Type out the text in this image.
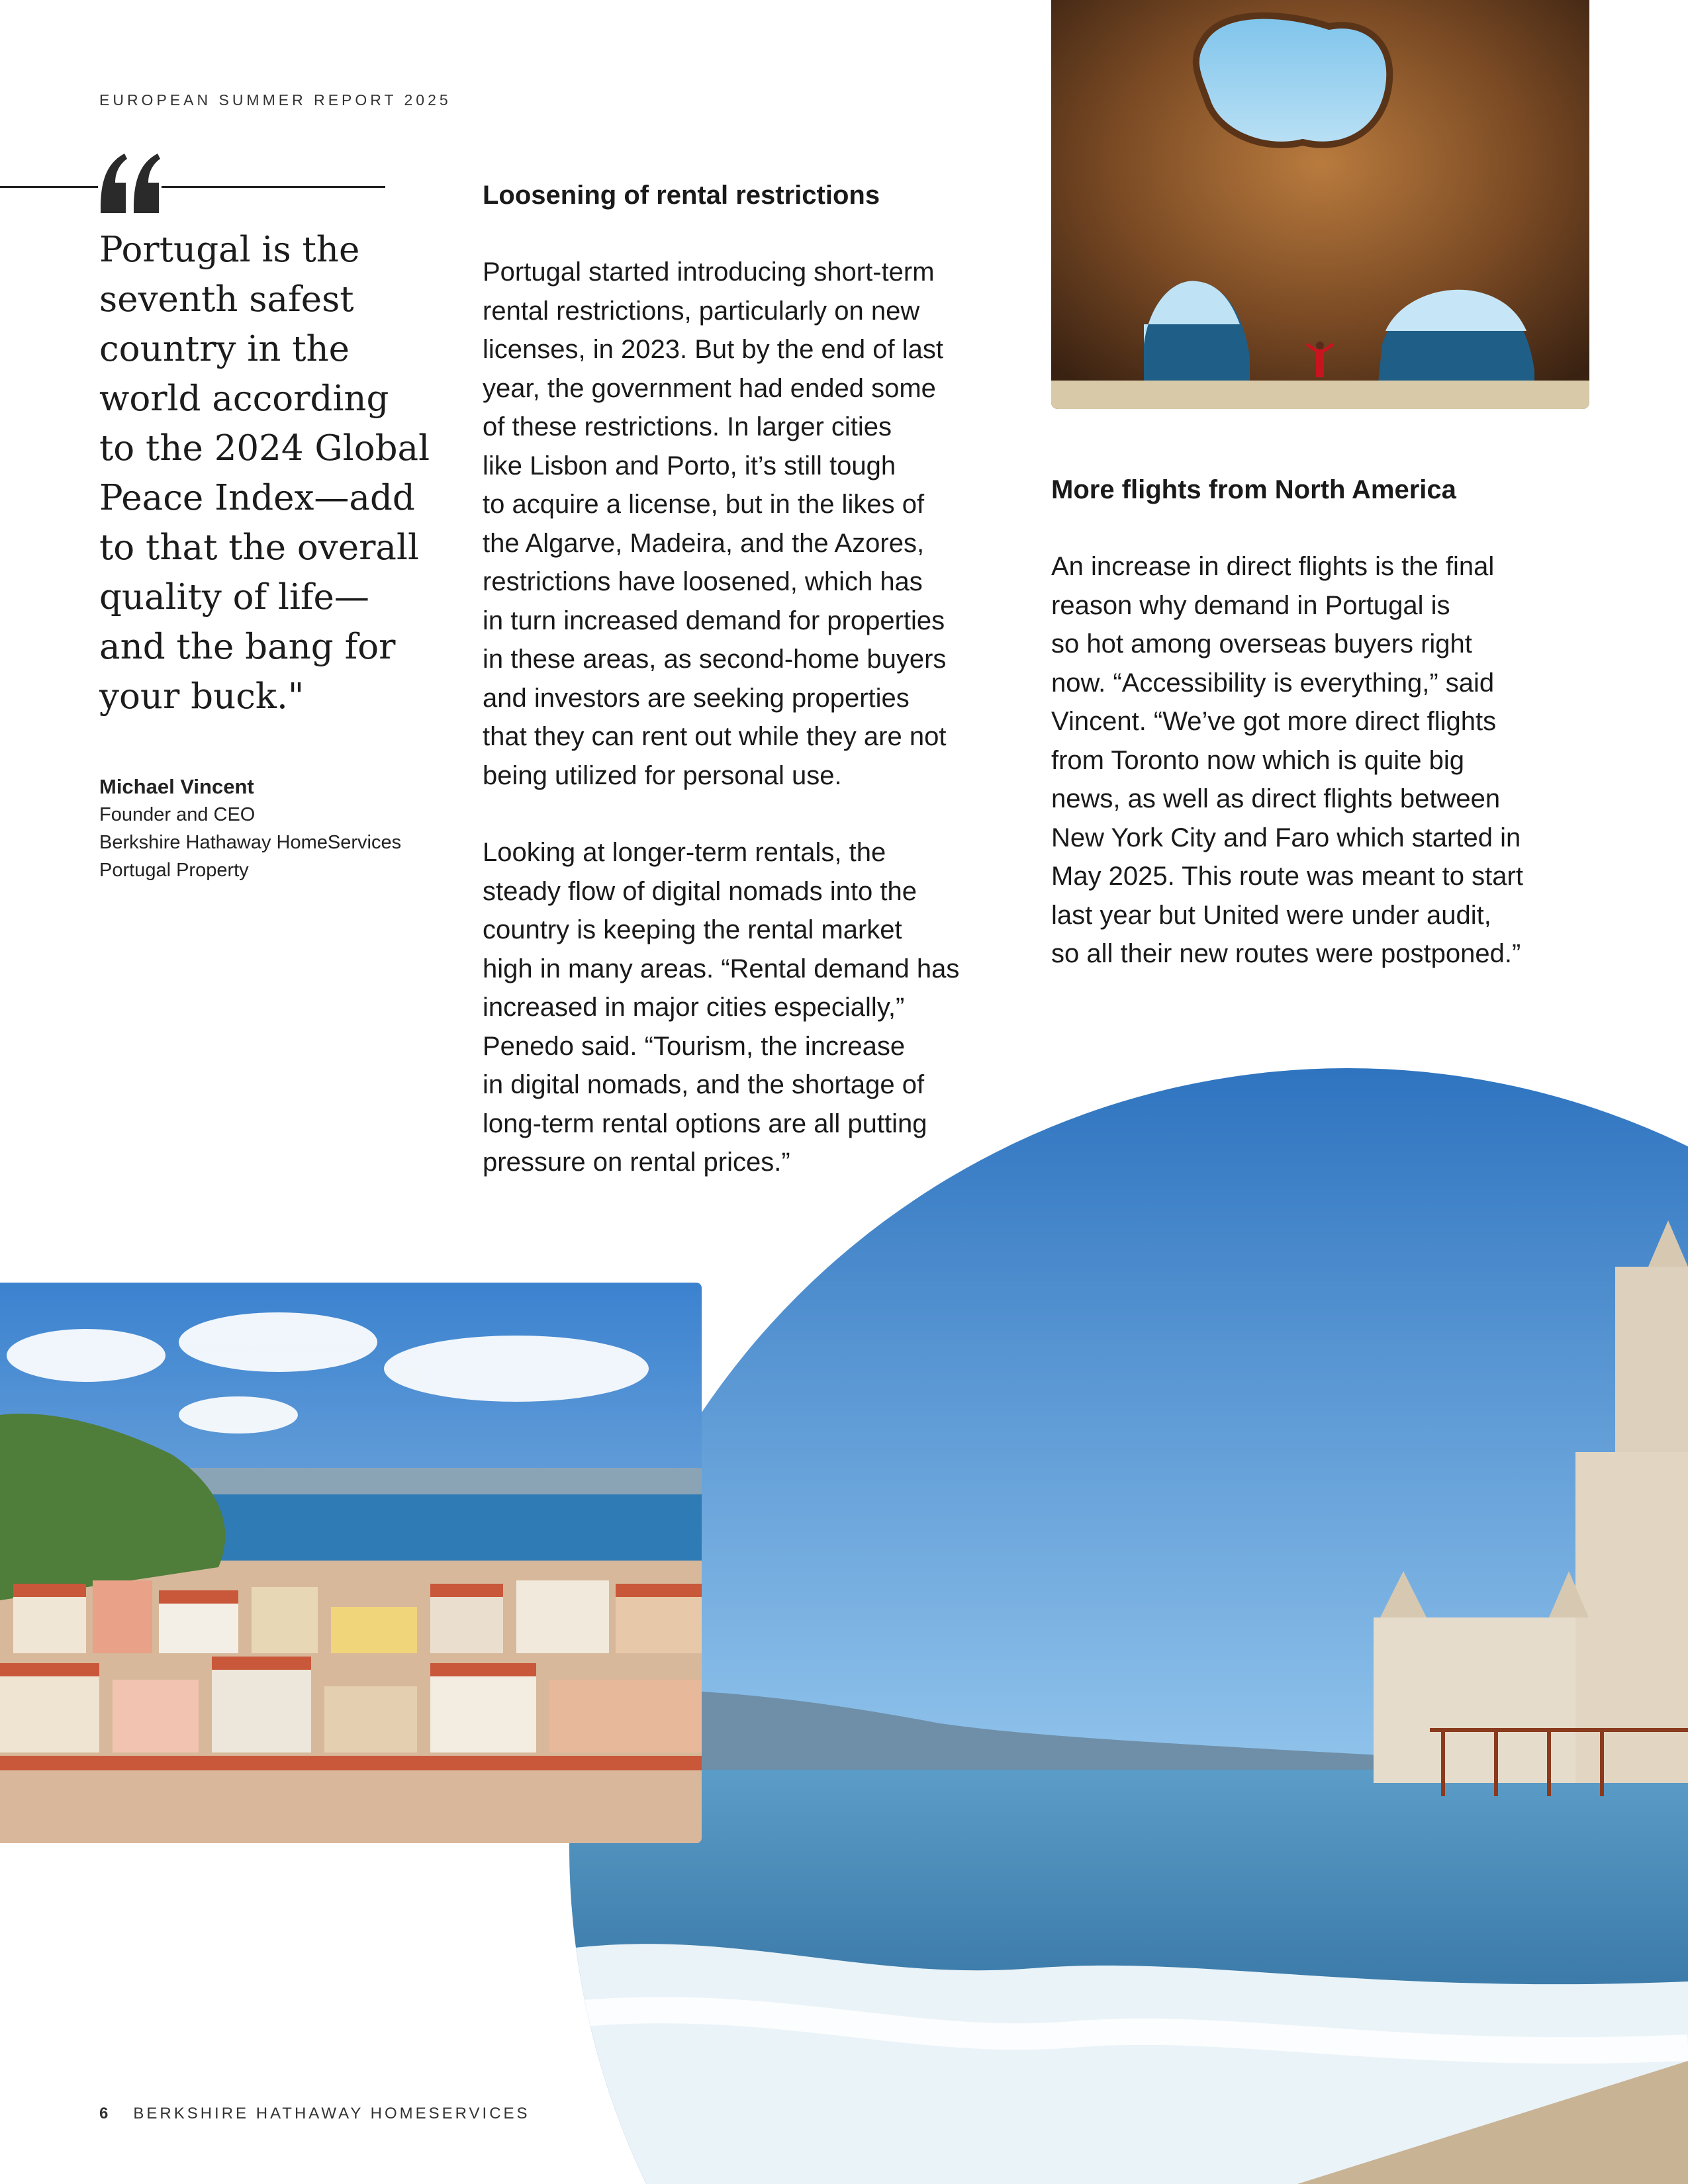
EUROPEAN SUMMER REPORT 2025
Portugal is the seventh safest country in the world according to the 2024 Global Peace Index—add to that the overall quality of life—and the bang for your buck."
Michael Vincent
Founder and CEO
Berkshire Hathaway HomeServices
Portugal Property
Loosening of rental restrictions

Portugal started introducing short-term
rental restrictions, particularly on new
licenses, in 2023. But by the end of last
year, the government had ended some
of these restrictions. In larger cities
like Lisbon and Porto, it’s still tough
to acquire a license, but in the likes of
the Algarve, Madeira, and the Azores,
restrictions have loosened, which has
in turn increased demand for properties
in these areas, as second-home buyers
and investors are seeking properties
that they can rent out while they are not
being utilized for personal use.

Looking at longer-term rentals, the
steady flow of digital nomads into the
country is keeping the rental market
high in many areas. “Rental demand has
increased in major cities especially,”
Penedo said. “Tourism, the increase
in digital nomads, and the shortage of
long-term rental options are all putting
pressure on rental prices.”

More flights from North America

An increase in direct flights is the final
reason why demand in Portugal is
so hot among overseas buyers right
now. “Accessibility is everything,” said
Vincent. “We’ve got more direct flights
from Toronto now which is quite big
news, as well as direct flights between
New York City and Faro which started in
May 2025. This route was meant to start
last year but United were under audit,
so all their new routes were postponed.”

6 BERKSHIRE HATHAWAY HOMESERVICES
